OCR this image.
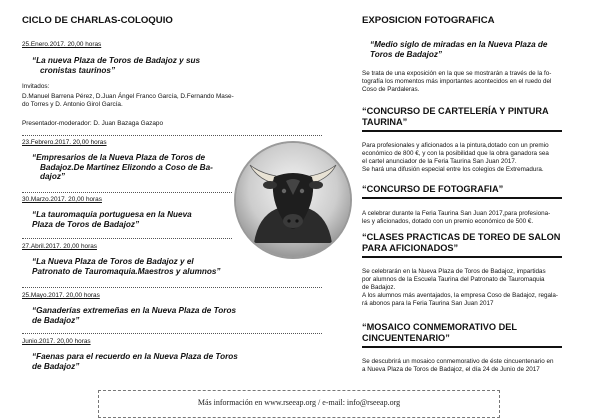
CICLO DE CHARLAS-COLOQUIO
25.Enero.2017. 20,00 horas
“La nueva Plaza de Toros de Badajoz y sus
cronistas taurinos”
Invitados:
D.Manuel Barrena Pérez, D.Juan Ángel Franco García, D.Fernando Mase-
do Torres y D. Antonio Girol García.
Presentador-moderador: D. Juan Bazaga Gazapo
23.Febrero.2017. 20,00 horas
“Empresarios de la Nueva Plaza de Toros de
Badajoz.De Martínez Elizondo a Coso de Ba-
dajoz”
30.Marzo.2017. 20,00 horas
“La tauromaquia portuguesa en la Nueva
Plaza de Toros de Badajoz”
27.Abril.2017. 20,00 horas
“La Nueva Plaza de Toros de Badajoz y el
Patronato de Tauromaquia.Maestros y alumnos”
25.Mayo.2017. 20,00 horas
“Ganaderías extremeñas en la Nueva Plaza de Toros
de Badajoz”
Junio.2017. 20,00 horas
“Faenas para el recuerdo en la Nueva Plaza de Toros
de Badajoz”
EXPOSICION FOTOGRAFICA
“Medio siglo de miradas en la Nueva Plaza de
Toros de Badajoz”
Se trata de una exposición en la que se mostrarán a través de la fo-
tografía los momentos más importantes acontecidos en el ruedo del
Coso de Pardaleras.
“CONCURSO DE CARTELERÍA Y PINTURA
TAURINA”
Para profesionales y aficionados a la pintura,dotado con un premio
económico de 800 €, y con la posibilidad que la obra ganadora sea
el cartel anunciador de la Feria Taurina San Juan 2017.
Se hará una difusión especial entre los colegios de Extremadura.
“CONCURSO DE FOTOGRAFIA”
A celebrar durante la Feria Taurina San Juan 2017,para profesiona-
les y aficionados, dotado con un premio económico de 500 €.
“CLASES PRACTICAS DE TOREO DE SALON
PARA AFICIONADOS”
Se celebrarán en la Nueva Plaza de Toros de Badajoz, impartidas
por alumnos de la Escuela Taurina del Patronato de Tauromaquia
de Badajoz.
A los alumnos más aventajados, la empresa Coso de Badajoz, regala-
rá abonos para la Feria Taurina San Juan 2017
“MOSAICO CONMEMORATIVO DEL
CINCUENTENARIO”
Se descubrirá un mosaico conmemorativo de éste cincuentenario en
a Nueva Plaza de Toros de Badajoz, el día 24 de Junio de 2017
Más información en www.rseeap.org / e-mail: info@rseeap.org
